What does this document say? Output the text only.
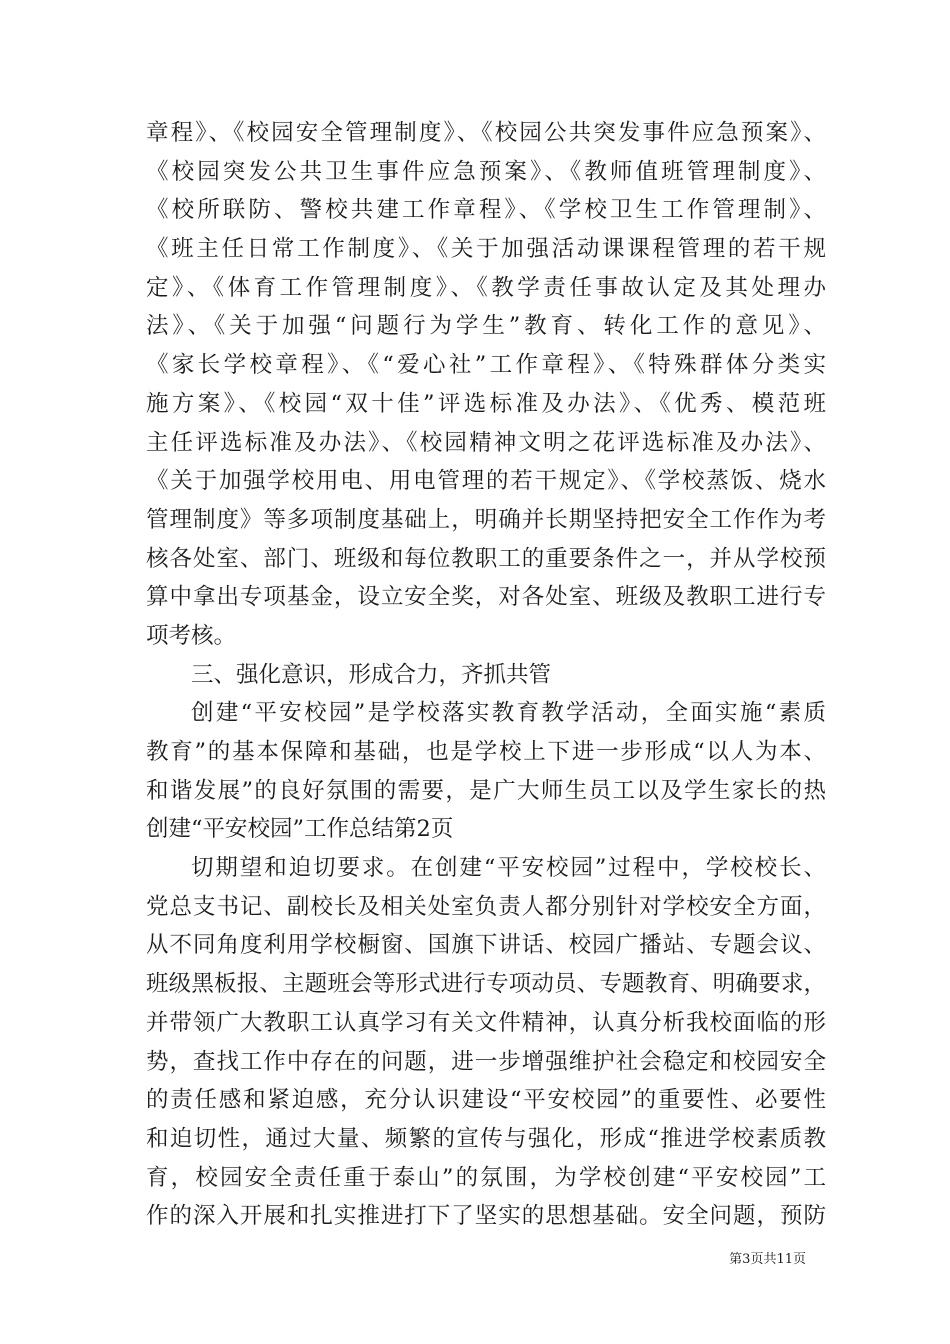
章程》、《校园安全管理制度》、《校园公共突发事件应急预案》、
《校园突发公共卫生事件应急预案》、《教师值班管理制度》、
《校所联防、警校共建工作章程》、《学校卫生工作管理制》、
《班主任日常工作制度》、《关于加强活动课课程管理的若干规
定》、《体育工作管理制度》、《教学责任事故认定及其处理办
法》、《关于加强“问题行为学生”教育、转化工作的意见》、
《家长学校章程》、《“爱心社”工作章程》、《特殊群体分类实
施方案》、《校园“双十佳”评选标准及办法》、《优秀、模范班
主任评选标准及办法》、《校园精神文明之花评选标准及办法》、
《关于加强学校用电、用电管理的若干规定》、《学校蒸饭、烧水
管理制度》等多项制度基础上，明确并长期坚持把安全工作作为考
核各处室、部门、班级和每位教职工的重要条件之一，并从学校预
算中拿出专项基金，设立安全奖，对各处室、班级及教职工进行专
项考核。
三、强化意识，形成合力，齐抓共管
创建“平安校园”是学校落实教育教学活动，全面实施“素质
教育”的基本保障和基础，也是学校上下进一步形成“以人为本、
和谐发展”的良好氛围的需要，是广大师生员工以及学生家长的热
创建“平安校园”工作总结第2页
切期望和迫切要求。在创建“平安校园”过程中，学校校长、
党总支书记、副校长及相关处室负责人都分别针对学校安全方面，
从不同角度利用学校橱窗、国旗下讲话、校园广播站、专题会议、
班级黑板报、主题班会等形式进行专项动员、专题教育、明确要求，
并带领广大教职工认真学习有关文件精神，认真分析我校面临的形
势，查找工作中存在的问题，进一步增强维护社会稳定和校园安全
的责任感和紧迫感，充分认识建设“平安校园”的重要性、必要性
和迫切性，通过大量、频繁的宣传与强化，形成“推进学校素质教
育，校园安全责任重于泰山”的氛围，为学校创建“平安校园”工
作的深入开展和扎实推进打下了坚实的思想基础。安全问题，预防
第3页共11页
